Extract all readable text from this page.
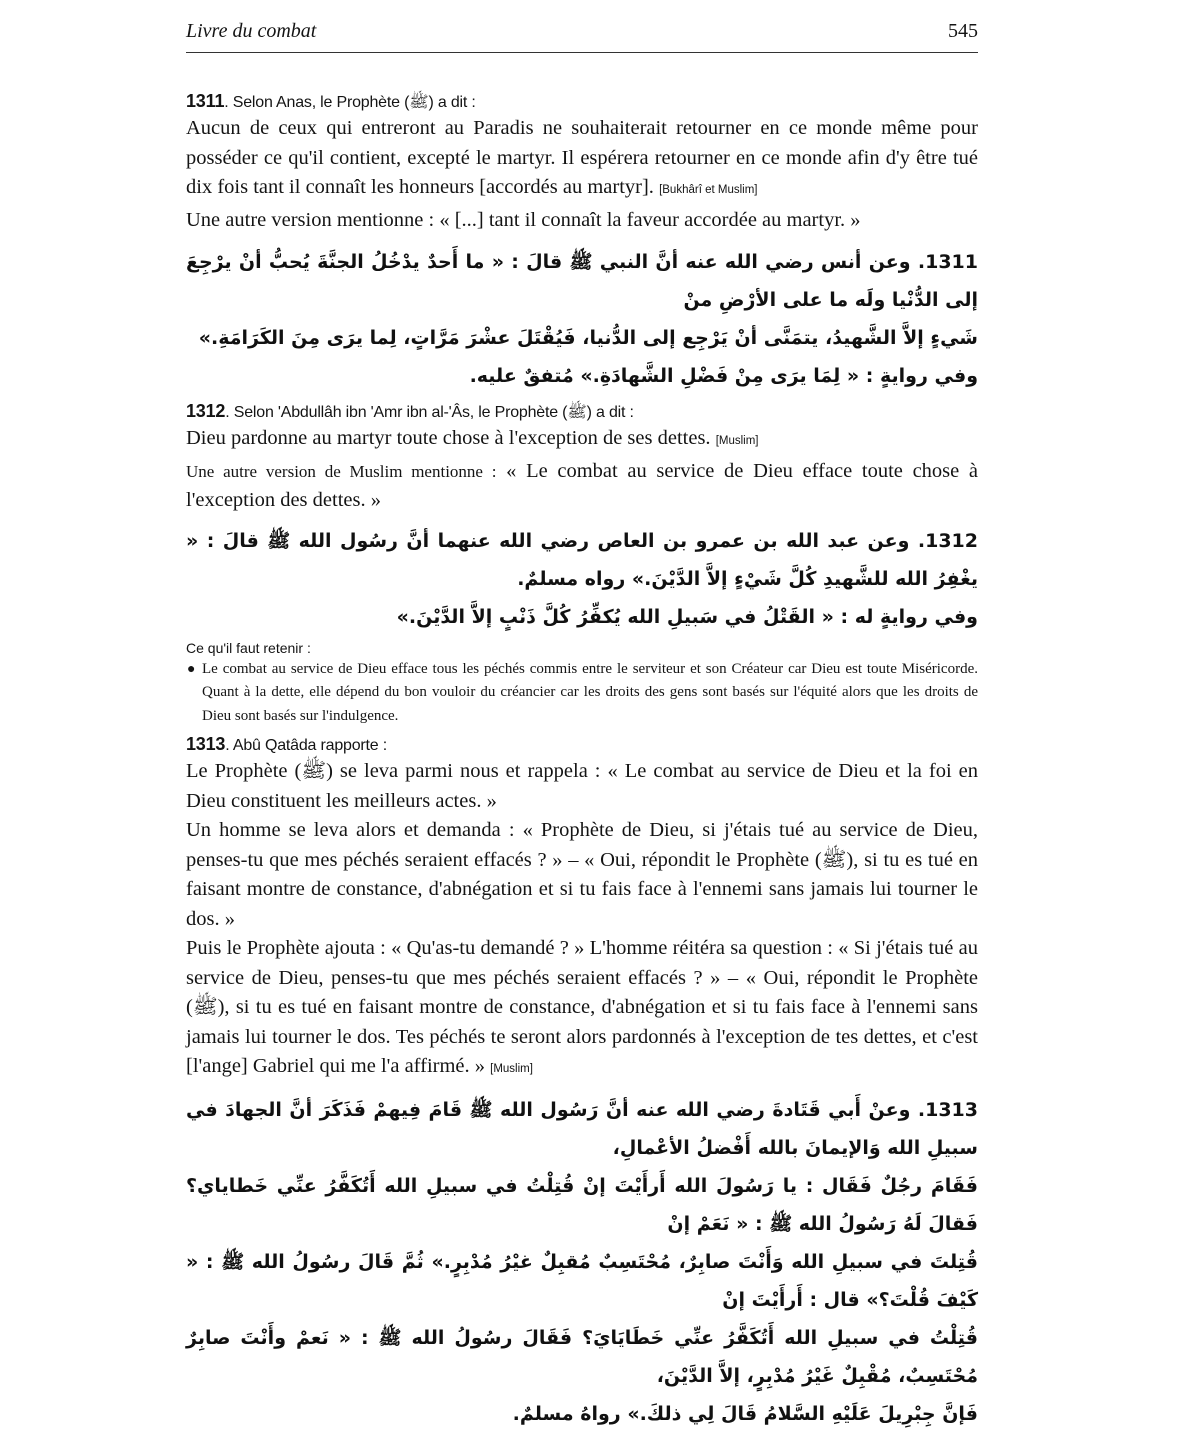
Livre du combat	545
1311. Selon Anas, le Prophète (ﷺ) a dit :

Aucun de ceux qui entreront au Paradis ne souhaiterait retourner en ce monde même pour posséder ce qu'il contient, excepté le martyr. Il espérera retourner en ce monde afin d'y être tué dix fois tant il connaît les honneurs [accordés au martyr]. [Bukhârî et Muslim]

Une autre version mentionne : « [...] tant il connaît la faveur accordée au martyr. »

1311. وعن أنس رضي الله عنه أنَّ النبي ﷺ قالَ : « ما أَحدٌ يدْخُلُ الجنَّةَ يُحبُّ أنْ يرْجِعَ إلى الدُّنْيا ولَه ما على الأرْضِ منْ
شَيءٍ إلاَّ الشَّهيدُ، يتمَنَّى أنْ يَرْجِع إلى الدُّنيا، فَيُقْتَلَ عشْرَ مَرَّاتٍ، لِما يرَى مِنَ الكَرَامَةِ.»
وفي روايةٍ : « لِمَا يرَى مِنْ فَضْلِ الشَّهادَةِ.» مُتفقٌ عليه.
1312. Selon 'Abdullâh ibn 'Amr ibn al-'Âs, le Prophète (ﷺ) a dit :

Dieu pardonne au martyr toute chose à l'exception de ses dettes. [Muslim]

Une autre version de Muslim mentionne : « Le combat au service de Dieu efface toute chose à l'exception des dettes. »

1312. وعن عبد الله بن عمرو بن العاص رضي الله عنهما أنَّ رسُول الله ﷺ قالَ : « يغْفِرُ الله للشَّهيدِ كُلَّ شَيْءٍ إلاَّ الدَّيْنَ.» رواه مسلمٌ.
وفي روايةٍ له : « القَتْلُ في سَبيلِ الله يُكفِّرُ كُلَّ ذَنْبٍ إلاَّ الدَّيْنَ.»
Ce qu'il faut retenir :
● Le combat au service de Dieu efface tous les péchés commis entre le serviteur et son Créateur car Dieu est toute Miséricorde. Quant à la dette, elle dépend du bon vouloir du créancier car les droits des gens sont basés sur l'équité alors que les droits de Dieu sont basés sur l'indulgence.
1313. Abû Qatâda rapporte :

Le Prophète (ﷺ) se leva parmi nous et rappela : « Le combat au service de Dieu et la foi en Dieu constituent les meilleurs actes. »

Un homme se leva alors et demanda : « Prophète de Dieu, si j'étais tué au service de Dieu, penses-tu que mes péchés seraient effacés ? » – « Oui, répondit le Prophète (ﷺ), si tu es tué en faisant montre de constance, d'abnégation et si tu fais face à l'ennemi sans jamais lui tourner le dos. »

Puis le Prophète ajouta : « Qu'as-tu demandé ? » L'homme réitéra sa question : « Si j'étais tué au service de Dieu, penses-tu que mes péchés seraient effacés ? » – « Oui, répondit le Prophète (ﷺ), si tu es tué en faisant montre de constance, d'abnégation et si tu fais face à l'ennemi sans jamais lui tourner le dos. Tes péchés te seront alors pardonnés à l'exception de tes dettes, et c'est [l'ange] Gabriel qui me l'a affirmé. » [Muslim]

1313. وعنْ أَبي قَتَادةَ رضي الله عنه أنَّ رَسُول الله ﷺ قَامَ فِيهمْ فَذَكَرَ أنَّ الجهادَ في سبيلِ الله وَالإيمانَ بالله أَفْضلُ الأعْمالِ،
فَقَامَ رجُلٌ فَقَال : يا رَسُولَ الله أَرأَيْتَ إنْ قُتِلْتُ في سبيلِ الله أَتُكَفَّرُ عنِّي خَطاياي؟ فَقالَ لَهُ رَسُولُ الله ﷺ : « نَعَمْ إنْ
قُتِلتَ في سبيلِ الله وَأَنْتَ صابِرٌ، مُحْتَسِبٌ مُقبِلٌ غيْرُ مُدْبِرٍ.» ثُمَّ قَالَ رسُولُ الله ﷺ : « كَيْفَ قُلْتَ؟» قال : أَرأَيْتَ إنْ
قُتِلْتُ في سبيلِ الله أَتُكَفَّرُ عنِّي خَطَايَايَ؟ فَقَالَ رسُولُ الله ﷺ : « نَعمْ وأَنْتَ صابِرٌ مُحْتَسِبٌ، مُقْبِلٌ غَيْرُ مُدْبِرٍ، إلاَّ الدَّيْنَ،
فَإنَّ جِبْرِيلَ عَلَيْهِ السَّلامُ قَالَ لِي ذلكَ.» رواهُ مسلمٌ.
